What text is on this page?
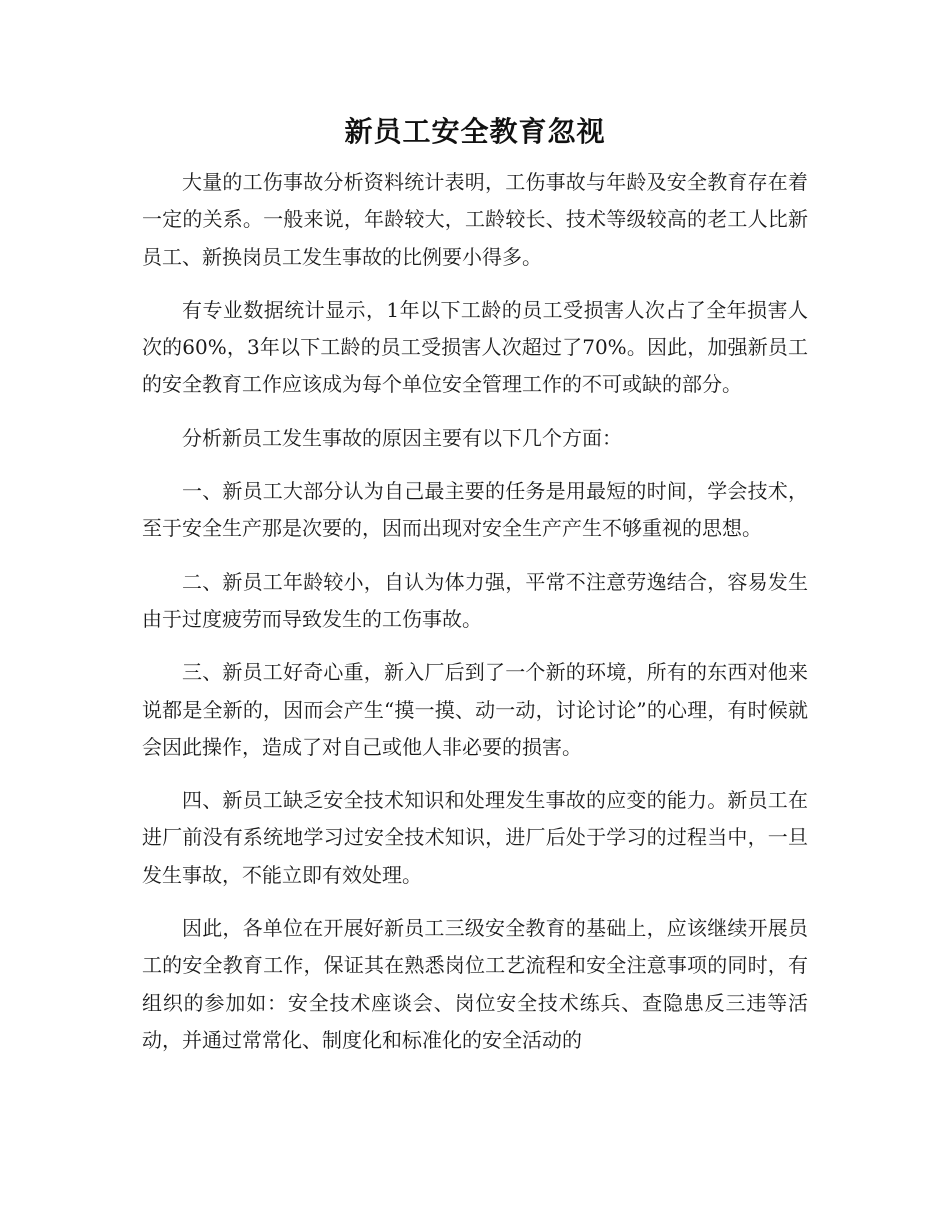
新员工安全教育忽视

大量的工伤事故分析资料统计表明，工伤事故与年龄及安全教育存在着一定的关系。一般来说，年龄较大，工龄较长、技术等级较高的老工人比新员工、新换岗员工发生事故的比例要小得多。

有专业数据统计显示，1年以下工龄的员工受损害人次占了全年损害人次的60%，3年以下工龄的员工受损害人次超过了70%。因此，加强新员工的安全教育工作应该成为每个单位安全管理工作的不可或缺的部分。

分析新员工发生事故的原因主要有以下几个方面：

一、新员工大部分认为自己最主要的任务是用最短的时间，学会技术，至于安全生产那是次要的，因而出现对安全生产产生不够重视的思想。

二、新员工年龄较小，自认为体力强，平常不注意劳逸结合，容易发生由于过度疲劳而导致发生的工伤事故。

三、新员工好奇心重，新入厂后到了一个新的环境，所有的东西对他来说都是全新的，因而会产生“摸一摸、动一动，讨论讨论”的心理，有时候就会因此操作，造成了对自己或他人非必要的损害。

四、新员工缺乏安全技术知识和处理发生事故的应变的能力。新员工在进厂前没有系统地学习过安全技术知识，进厂后处于学习的过程当中，一旦发生事故，不能立即有效处理。

因此，各单位在开展好新员工三级安全教育的基础上，应该继续开展员工的安全教育工作，保证其在熟悉岗位工艺流程和安全注意事项的同时，有组织的参加如：安全技术座谈会、岗位安全技术练兵、查隐患反三违等活动，并通过常常化、制度化和标准化的安全活动的
